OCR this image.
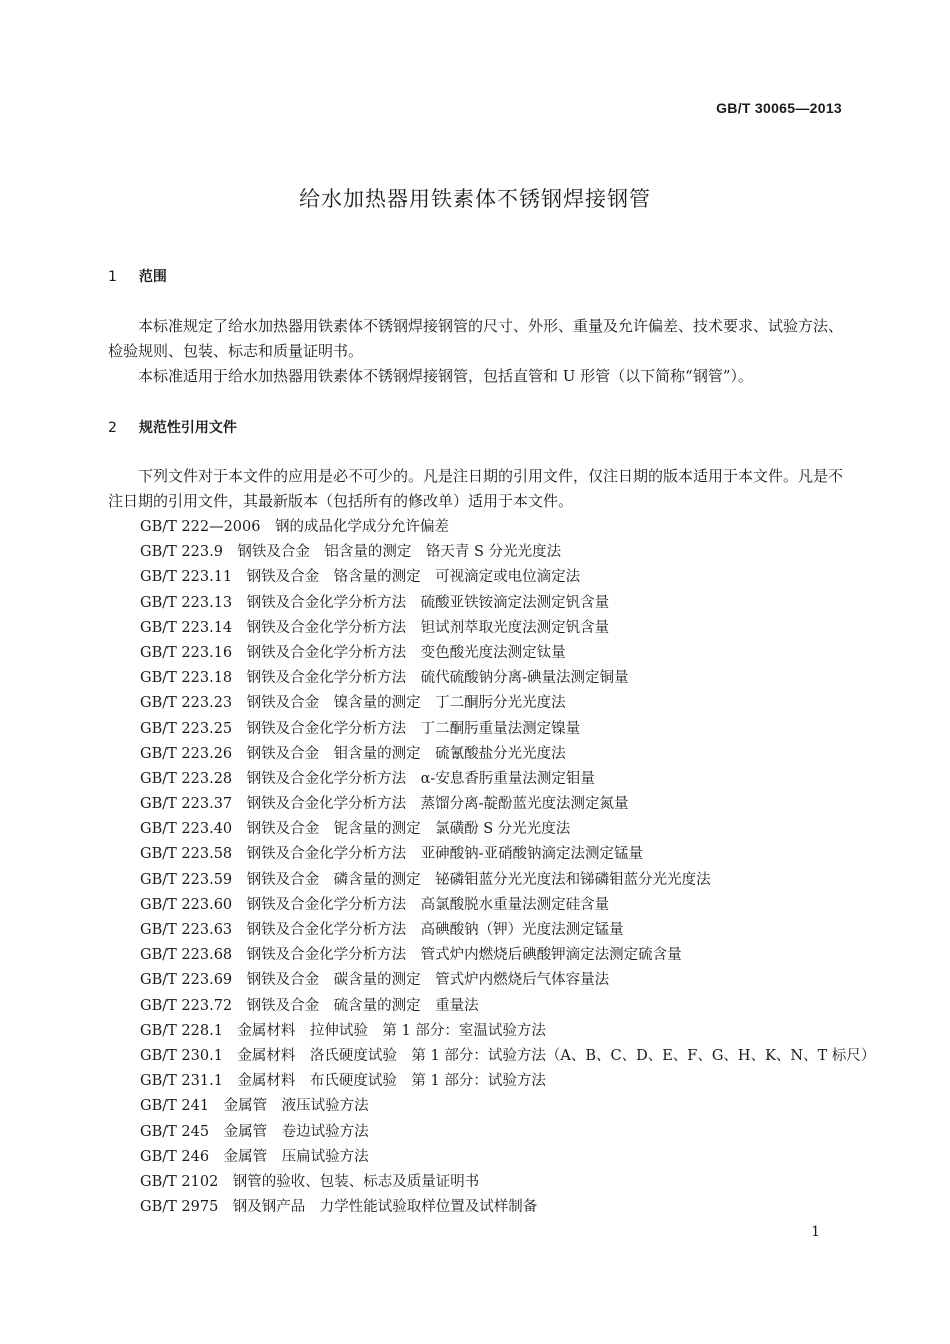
GB/T 30065—2013
给水加热器用铁素体不锈钢焊接钢管
1 范围
本标准规定了给水加热器用铁素体不锈钢焊接钢管的尺寸、外形、重量及允许偏差、技术要求、试验方法、检验规则、包装、标志和质量证明书。
本标准适用于给水加热器用铁素体不锈钢焊接钢管，包括直管和 U 形管（以下简称“钢管”）。
2 规范性引用文件
下列文件对于本文件的应用是必不可少的。凡是注日期的引用文件，仅注日期的版本适用于本文件。凡是不注日期的引用文件，其最新版本（包括所有的修改单）适用于本文件。
GB/T 222—2006　钢的成品化学成分允许偏差
GB/T 223.9　钢铁及合金　铝含量的测定　铬天青 S 分光光度法
GB/T 223.11　钢铁及合金　铬含量的测定　可视滴定或电位滴定法
GB/T 223.13　钢铁及合金化学分析方法　硫酸亚铁铵滴定法测定钒含量
GB/T 223.14　钢铁及合金化学分析方法　钽试剂萃取光度法测定钒含量
GB/T 223.16　钢铁及合金化学分析方法　变色酸光度法测定钛量
GB/T 223.18　钢铁及合金化学分析方法　硫代硫酸钠分离-碘量法测定铜量
GB/T 223.23　钢铁及合金　镍含量的测定　丁二酮肟分光光度法
GB/T 223.25　钢铁及合金化学分析方法　丁二酮肟重量法测定镍量
GB/T 223.26　钢铁及合金　钼含量的测定　硫氰酸盐分光光度法
GB/T 223.28　钢铁及合金化学分析方法　α-安息香肟重量法测定钼量
GB/T 223.37　钢铁及合金化学分析方法　蒸馏分离-靛酚蓝光度法测定氮量
GB/T 223.40　钢铁及合金　铌含量的测定　氯磺酚 S 分光光度法
GB/T 223.58　钢铁及合金化学分析方法　亚砷酸钠-亚硝酸钠滴定法测定锰量
GB/T 223.59　钢铁及合金　磷含量的测定　铋磷钼蓝分光光度法和锑磷钼蓝分光光度法
GB/T 223.60　钢铁及合金化学分析方法　高氯酸脱水重量法测定硅含量
GB/T 223.63　钢铁及合金化学分析方法　高碘酸钠（钾）光度法测定锰量
GB/T 223.68　钢铁及合金化学分析方法　管式炉内燃烧后碘酸钾滴定法测定硫含量
GB/T 223.69　钢铁及合金　碳含量的测定　管式炉内燃烧后气体容量法
GB/T 223.72　钢铁及合金　硫含量的测定　重量法
GB/T 228.1　金属材料　拉伸试验　第 1 部分：室温试验方法
GB/T 230.1　金属材料　洛氏硬度试验　第 1 部分：试验方法（A、B、C、D、E、F、G、H、K、N、T 标尺）
GB/T 231.1　金属材料　布氏硬度试验　第 1 部分：试验方法
GB/T 241　金属管　液压试验方法
GB/T 245　金属管　卷边试验方法
GB/T 246　金属管　压扁试验方法
GB/T 2102　钢管的验收、包装、标志及质量证明书
GB/T 2975　钢及钢产品　力学性能试验取样位置及试样制备
1
